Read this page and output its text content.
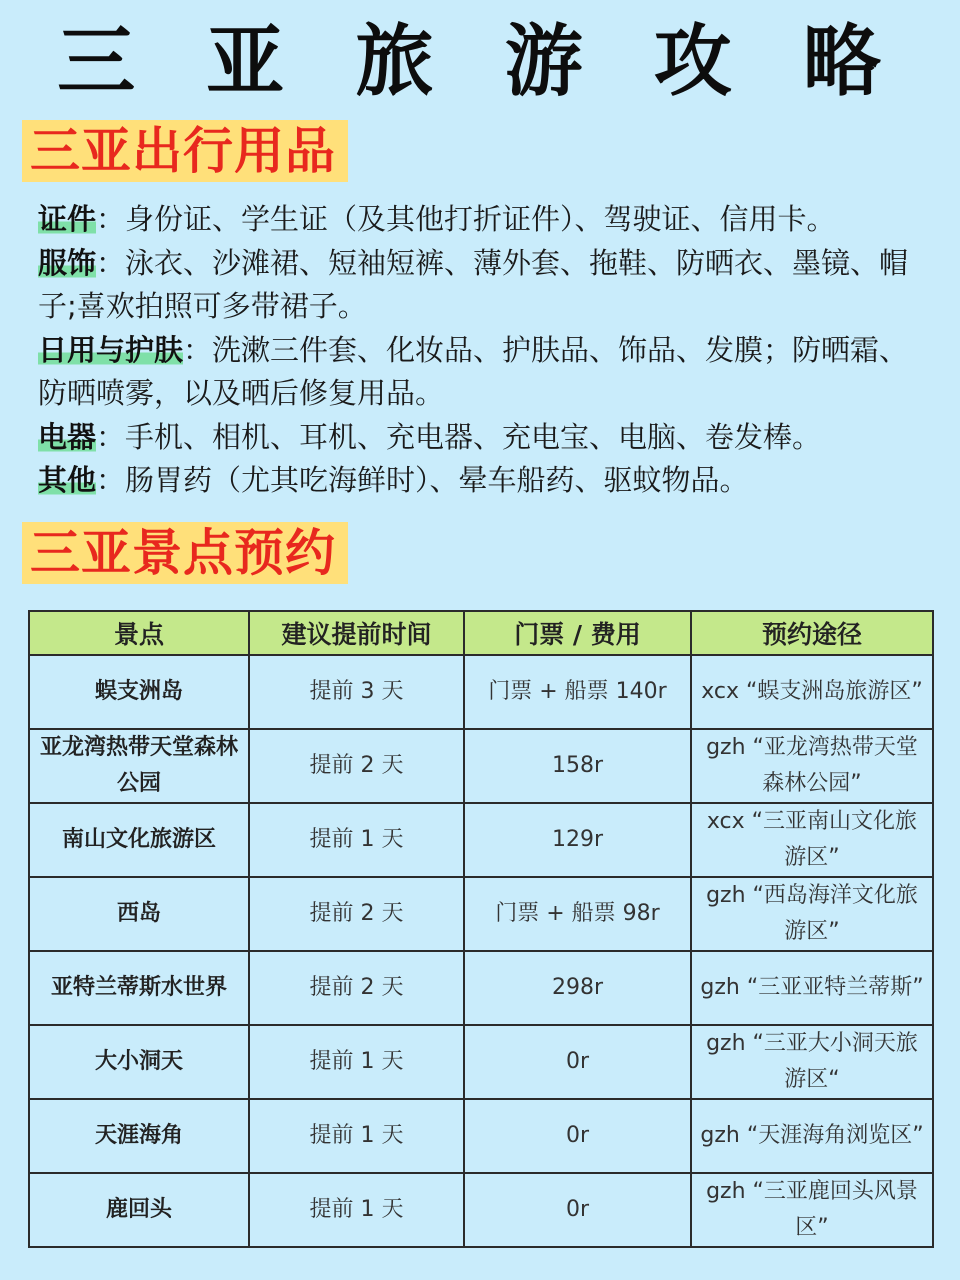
三 亚 旅 游 攻 略
三亚出行用品

证件：身份证、学生证（及其他打折证件）、驾驶证、信用卡。

服饰：泳衣、沙滩裙、短袖短裤、薄外套、拖鞋、防晒衣、墨镜、帽子;喜欢拍照可多带裙子。

日用与护肤：洗漱三件套、化妆品、护肤品、饰品、发膜；防晒霜、防晒喷雾，以及晒后修复用品。

电器：手机、相机、耳机、充电器、充电宝、电脑、卷发棒。

其他：肠胃药（尤其吃海鲜时）、晕车船药、驱蚊物品。

三亚景点预约
景点	建议提前时间	门票 / 费用	预约途径
蜈支洲岛	提前 3 天	门票 + 船票 140r	xcx “蜈支洲岛旅游区”
亚龙湾热带天堂森林公园	提前 2 天	158r	gzh “亚龙湾热带天堂森林公园”
南山文化旅游区	提前 1 天	129r	xcx “三亚南山文化旅游区”
西岛	提前 2 天	门票 + 船票 98r	gzh “西岛海洋文化旅游区”
亚特兰蒂斯水世界	提前 2 天	298r	gzh “三亚亚特兰蒂斯”
大小洞天	提前 1 天	0r	gzh “三亚大小洞天旅游区“
天涯海角	提前 1 天	0r	gzh “天涯海角浏览区”
鹿回头	提前 1 天	0r	gzh “三亚鹿回头风景区”
